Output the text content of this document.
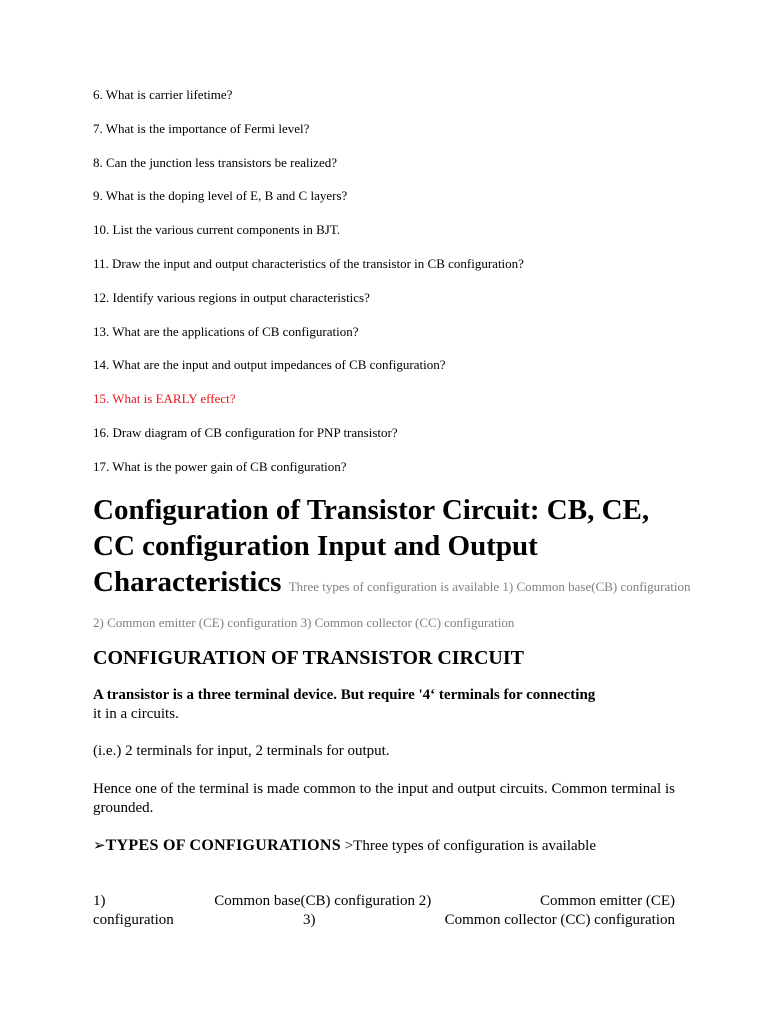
6. What is carrier lifetime?

7. What is the importance of Fermi level?

8. Can the junction less transistors be realized?

9. What is the doping level of E, B and C layers?

10. List the various current components in BJT.

11. Draw the input and output characteristics of the transistor in CB configuration?

12. Identify various regions in output characteristics?

13. What are the applications of CB configuration?

14. What are the input and output impedances of CB configuration?

15. What is EARLY effect?

16. Draw diagram of CB configuration for PNP transistor?

17. What is the power gain of CB configuration?

Configuration of Transistor Circuit: CB, CE, CC configuration Input and Output Characteristics Three types of configuration is available 1) Common base(CB) configuration 2) Common emitter (CE) configuration 3) Common collector (CC) configuration
CONFIGURATION OF TRANSISTOR CIRCUIT

A transistor is a three terminal device. But require '4‘ terminals for connecting
it in a circuits.

(i.e.) 2 terminals for input, 2 terminals for output.

Hence one of the terminal is made common to the input and output circuits. Common terminal is grounded.

➢TYPES OF CONFIGURATIONS >Three types of configuration is available

1)	Common base(CB) configuration 2)	Common emitter (CE)
configuration	3)	Common collector (CC) configuration
